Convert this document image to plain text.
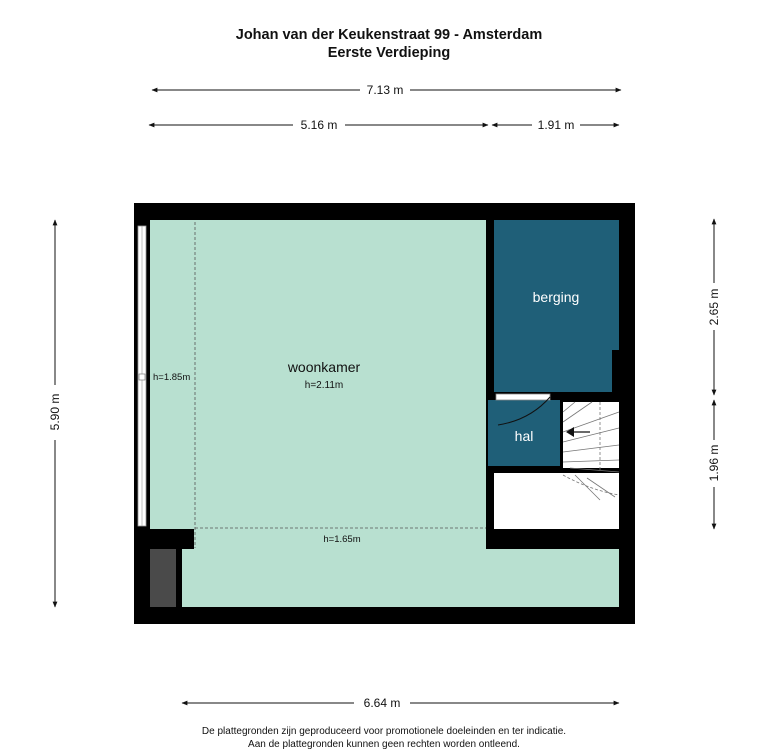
Johan van der Keukenstraat 99 - Amsterdam
Eerste Verdieping
7.13 m
5.16 m	1.91 m
5.90 m
2.65 m
1.96 m
6.64 m
woonkamer
h=2.11m
berging
hal
h=1.85m
h=1.65m
De plattegronden zijn geproduceerd voor promotionele doeleinden en ter indicatie.
Aan de plattegronden kunnen geen rechten worden ontleend.
